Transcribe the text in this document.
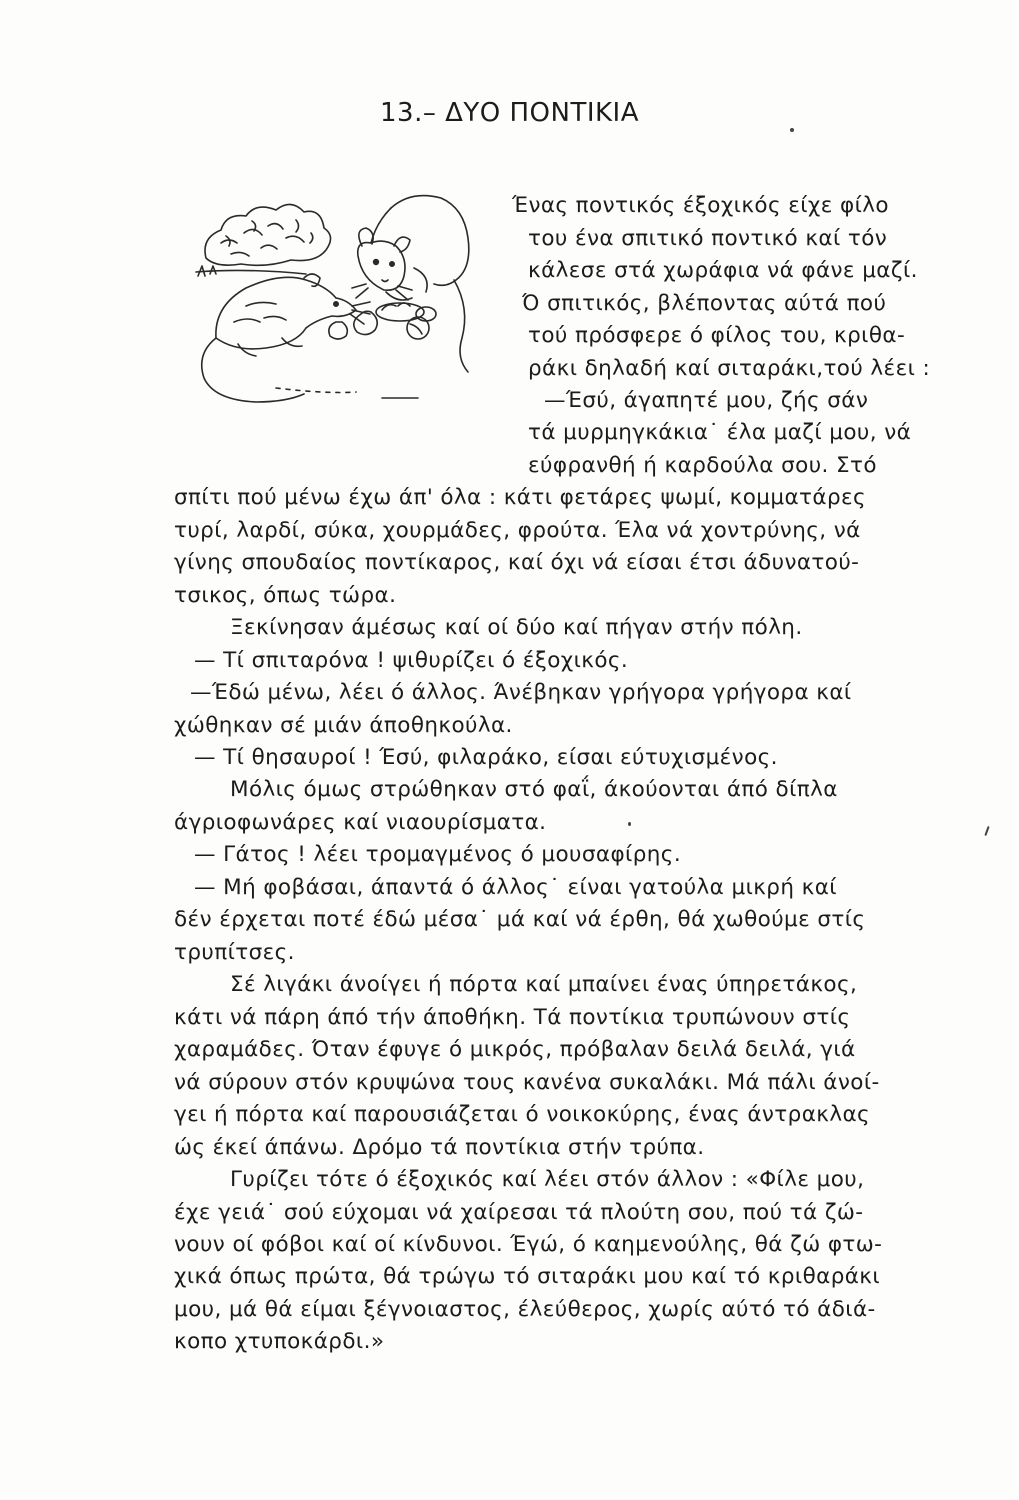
13.– ΔΥΟ ΠΟΝΤΙΚΙΑ
Ένας ποντικός έξοχικός είχε φίλο
του ένα σπιτικό ποντικό καί τόν
κάλεσε στά χωράφια νά φάνε μαζί.
Ό σπιτικός, βλέποντας αύτά πού
τού πρόσφερε ό φίλος του, κριθα-
ράκι δηλαδή καί σιταράκι,τού λέει :
—Έσύ, άγαπητέ μου, ζής σάν
τά μυρμηγκάκια˙ έλα μαζί μου, νά
εύφρανθή ή καρδούλα σου. Στό
σπίτι πού μένω έχω άπ' όλα : κάτι φετάρες ψωμί, κομματάρες
τυρί, λαρδί, σύκα, χουρμάδες, φρούτα. Έλα νά χοντρύνης, νά
γίνης σπουδαίος ποντίκαρος, καί όχι νά είσαι έτσι άδυνατού-
τσικος, όπως τώρα.
Ξεκίνησαν άμέσως καί οί δύο καί πήγαν στήν πόλη.
— Τί σπιταρόνα ! ψιθυρίζει ό έξοχικός.
—Έδώ μένω, λέει ό άλλος. Άνέβηκαν γρήγορα γρήγορα καί
χώθηκαν σέ μιάν άποθηκούλα.
— Τί θησαυροί ! Έσύ, φιλαράκο, είσαι εύτυχισμένος.
Μόλις όμως στρώθηκαν στό φαΐ, άκούονται άπό δίπλα
άγριοφωνάρες καί νιαουρίσματα.
— Γάτος ! λέει τρομαγμένος ό μουσαφίρης.
— Μή φοβάσαι, άπαντά ό άλλος˙ είναι γατούλα μικρή καί
δέν έρχεται ποτέ έδώ μέσα˙ μά καί νά έρθη, θά χωθούμε στίς
τρυπίτσες.
Σέ λιγάκι άνοίγει ή πόρτα καί μπαίνει ένας ύπηρετάκος,
κάτι νά πάρη άπό τήν άποθήκη. Τά ποντίκια τρυπώνουν στίς
χαραμάδες. Όταν έφυγε ό μικρός, πρόβαλαν δειλά δειλά, γιά
νά σύρουν στόν κρυψώνα τους κανένα συκαλάκι. Μά πάλι άνοί-
γει ή πόρτα καί παρουσιάζεται ό νοικοκύρης, ένας άντρακλας
ώς έκεί άπάνω. Δρόμο τά ποντίκια στήν τρύπα.
Γυρίζει τότε ό έξοχικός καί λέει στόν άλλον : «Φίλε μου,
έχε γειά˙ σού εύχομαι νά χαίρεσαι τά πλούτη σου, πού τά ζώ-
νουν οί φόβοι καί οί κίνδυνοι. Έγώ, ό καημενούλης, θά ζώ φτω-
χικά όπως πρώτα, θά τρώγω τό σιταράκι μου καί τό κριθαράκι
μου, μά θά είμαι ξέγνοιαστος, έλεύθερος, χωρίς αύτό τό άδιά-
κοπο χτυποκάρδι.»
